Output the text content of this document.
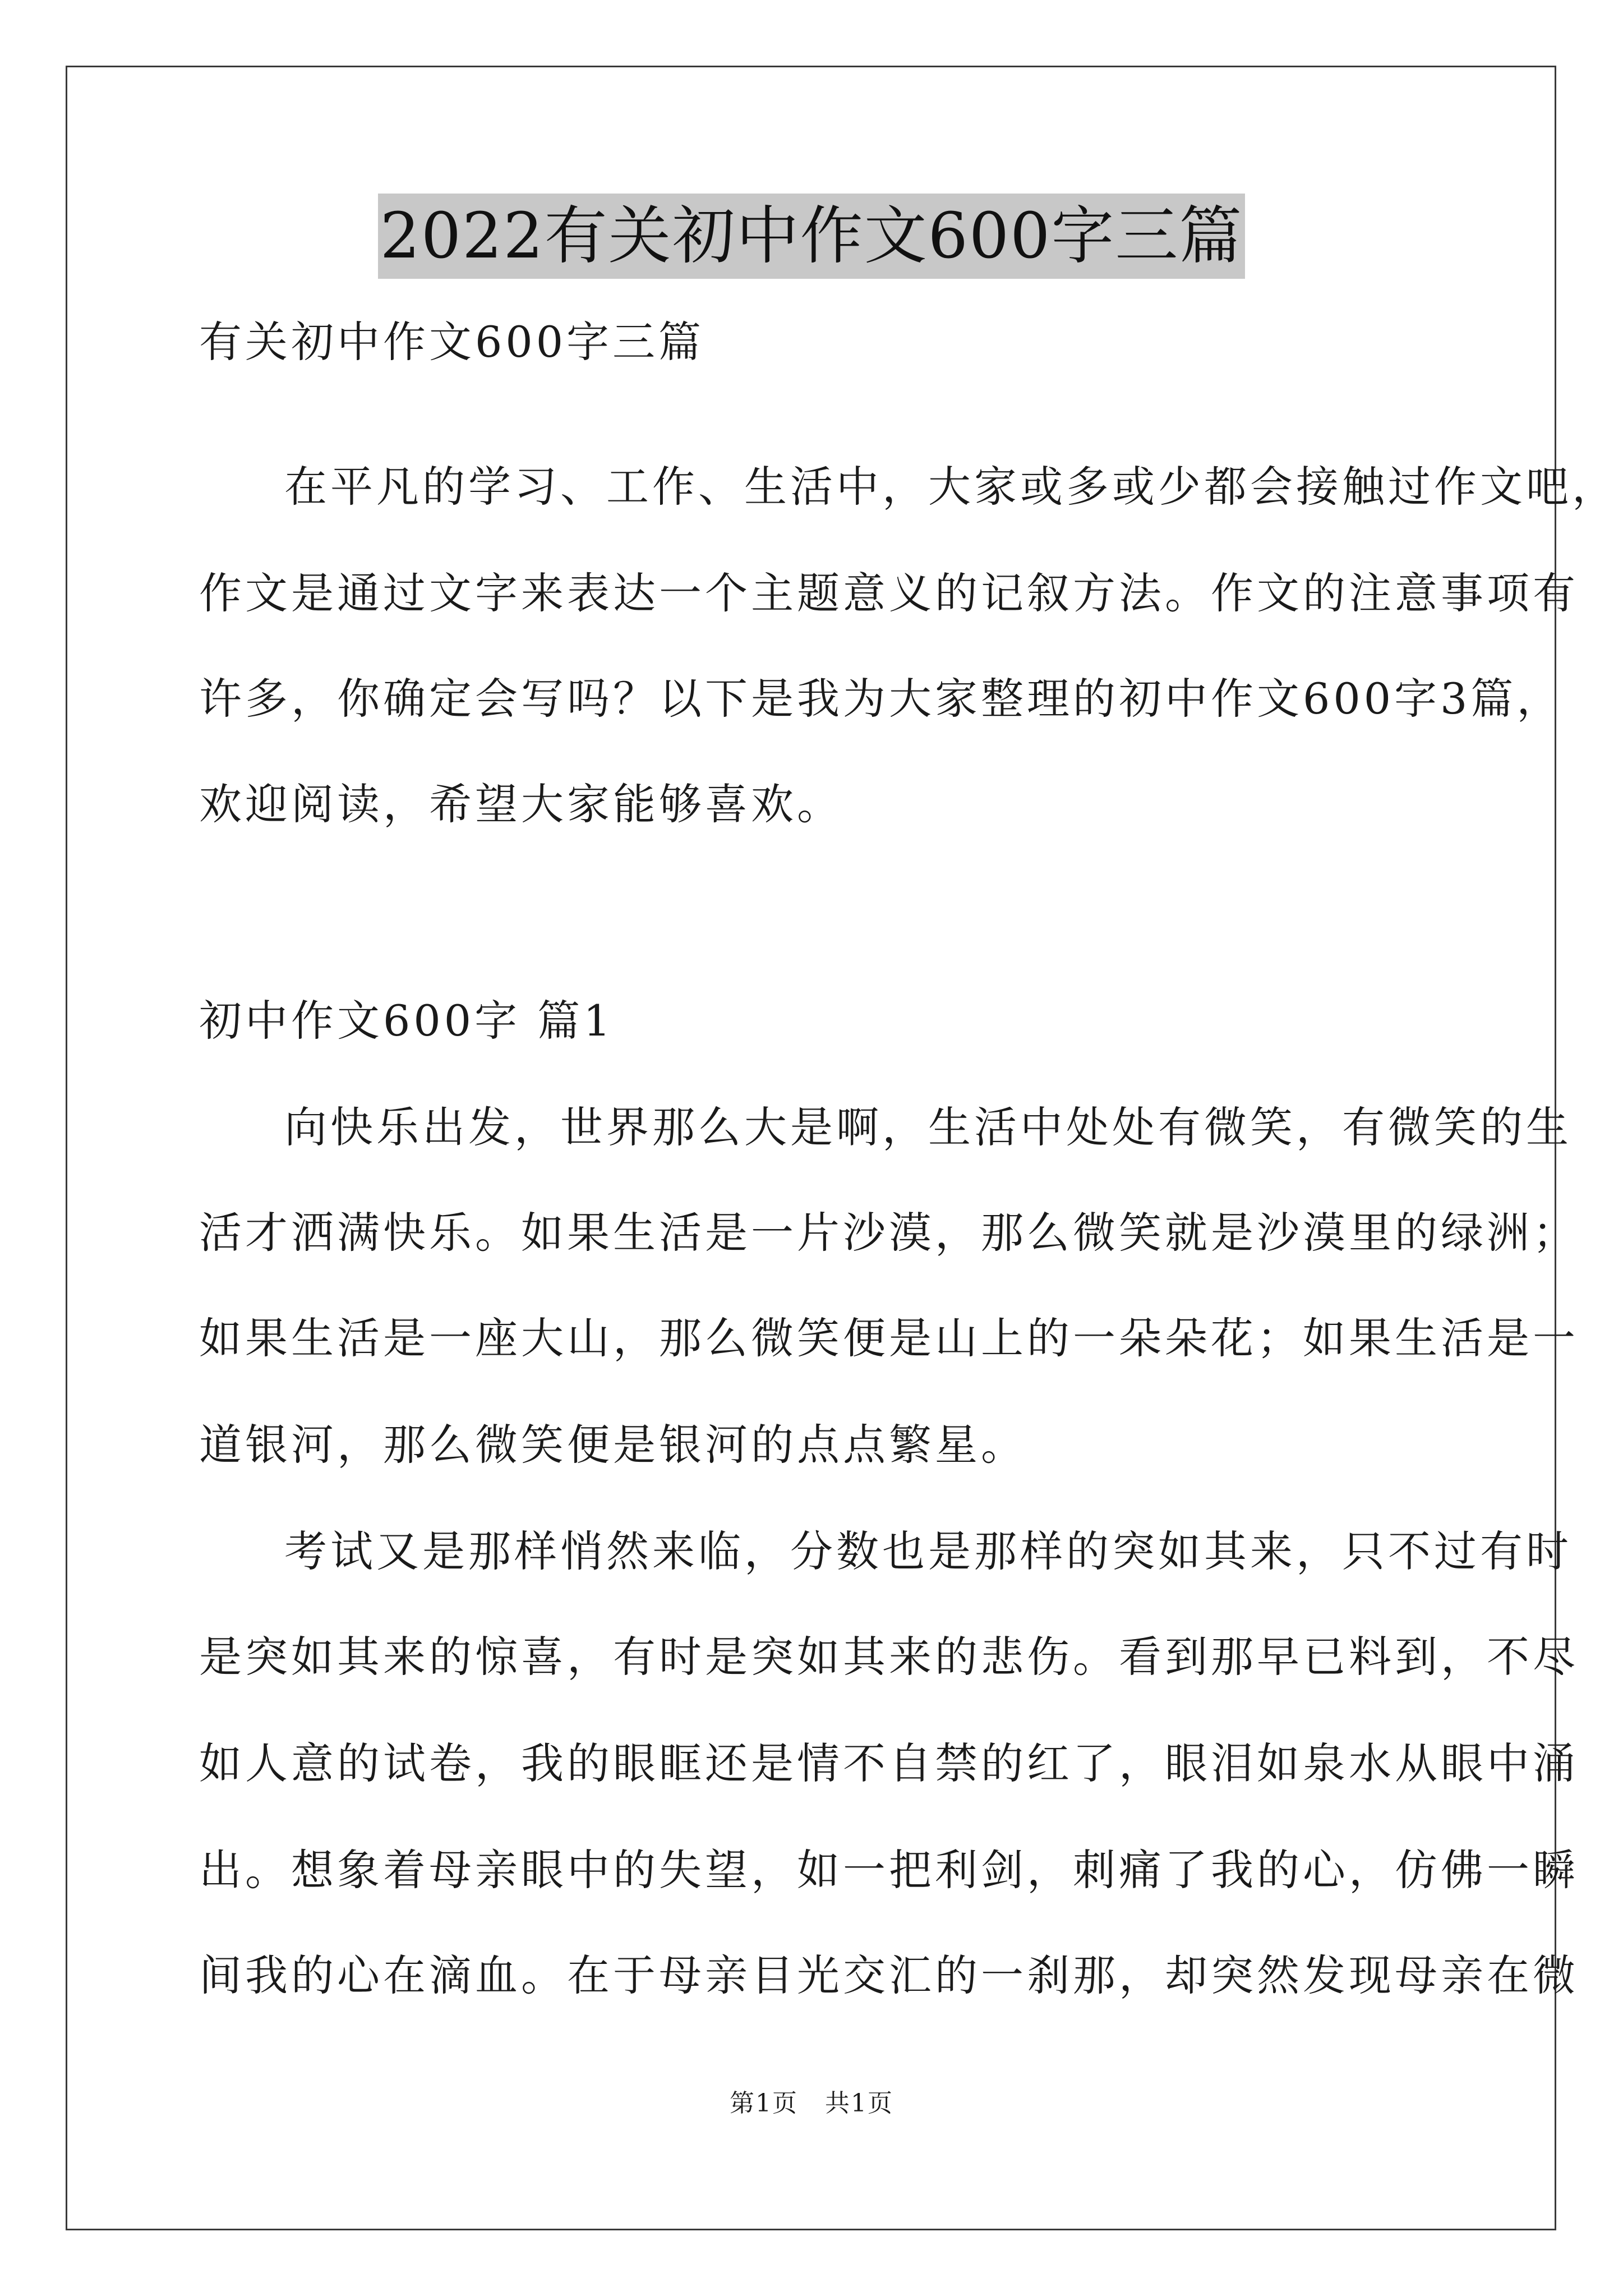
2022有关初中作文600字三篇
有关初中作文600字三篇
在平凡的学习、工作、生活中，大家或多或少都会接触过作文吧，
作文是通过文字来表达一个主题意义的记叙方法。作文的注意事项有
许多，你确定会写吗？以下是我为大家整理的初中作文600字3篇，
欢迎阅读，希望大家能够喜欢。
初中作文600字 篇1
向快乐出发，世界那么大是啊，生活中处处有微笑，有微笑的生
活才洒满快乐。如果生活是一片沙漠，那么微笑就是沙漠里的绿洲；
如果生活是一座大山，那么微笑便是山上的一朵朵花；如果生活是一
道银河，那么微笑便是银河的点点繁星。
考试又是那样悄然来临，分数也是那样的突如其来，只不过有时
是突如其来的惊喜，有时是突如其来的悲伤。看到那早已料到，不尽
如人意的试卷，我的眼眶还是情不自禁的红了，眼泪如泉水从眼中涌
出。想象着母亲眼中的失望，如一把利剑，刺痛了我的心，仿佛一瞬
间我的心在滴血。在于母亲目光交汇的一刹那，却突然发现母亲在微
第1页   共1页
